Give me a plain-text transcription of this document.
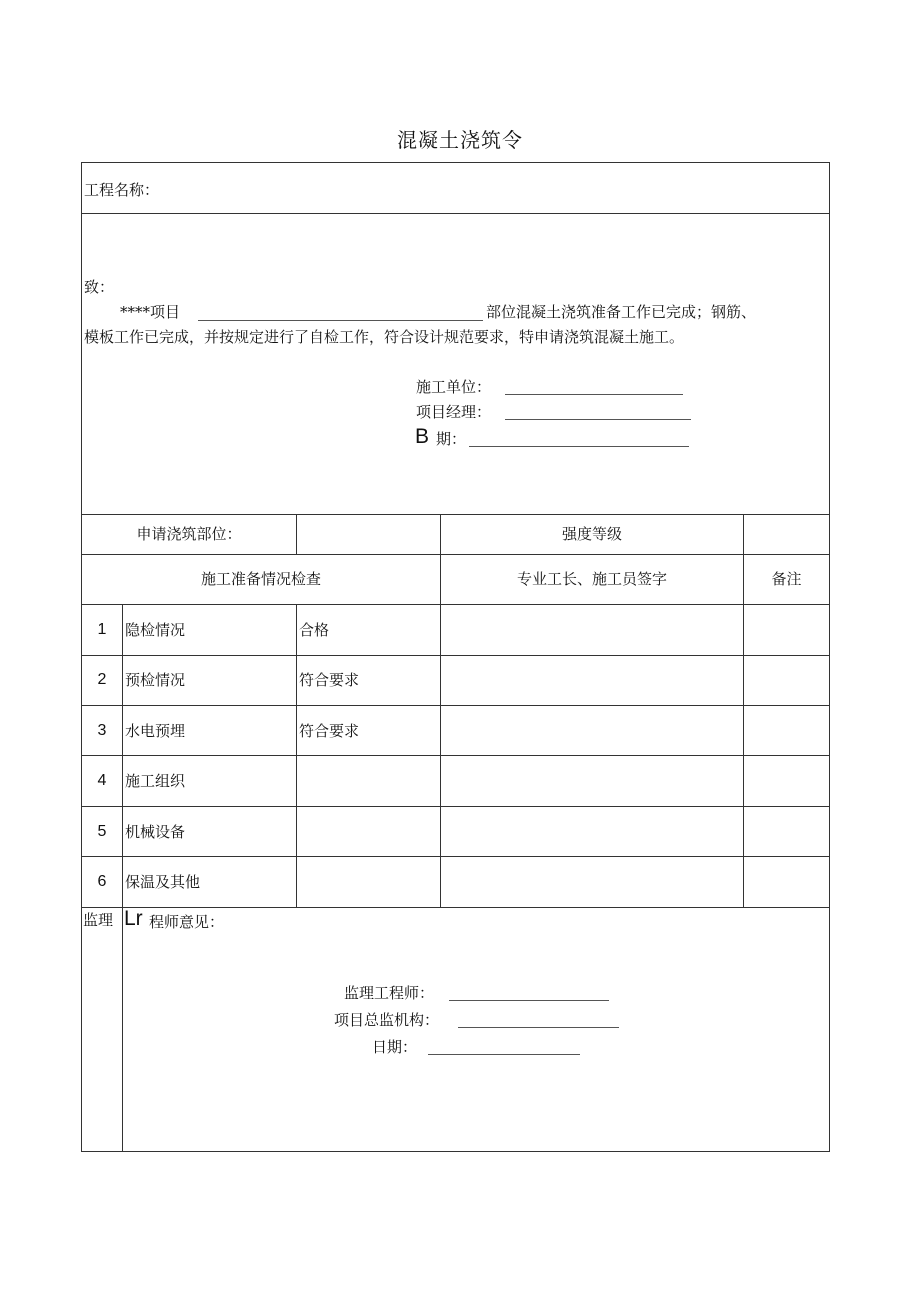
混凝土浇筑令
工程名称：
致：
****项目	部位混凝土浇筑准备工作已完成；钢筋、
模板工作已完成，并按规定进行了自检工作，符合设计规范要求，特申请浇筑混凝土施工。
施工单位：
项目经理：
B 期：
申请浇筑部位：	强度等级
施工准备情况检查	专业工长、施工员签字	备注
1	隐检情况	合格
2	预检情况	符合要求
3	水电预埋	符合要求
4	施工组织
5	机械设备
6	保温及其他
监理 Lr 程师意见：
监理工程师：
项目总监机构：
日期：
